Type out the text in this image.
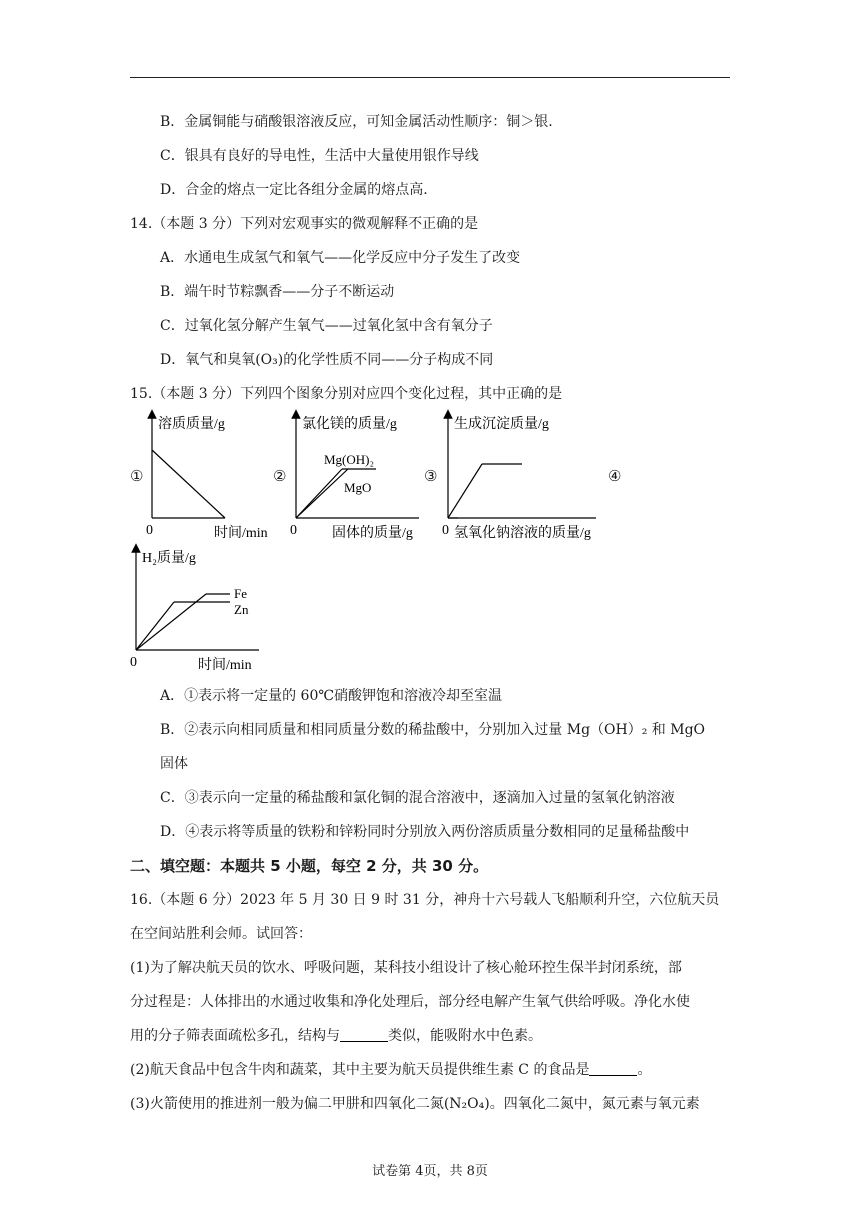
B．金属铜能与硝酸银溶液反应，可知金属活动性顺序：铜＞银.
C．银具有良好的导电性，生活中大量使用银作导线
D．合金的熔点一定比各组分金属的熔点高.
14.（本题 3 分）下列对宏观事实的微观解释不正确的是
A．水通电生成氢气和氧气——化学反应中分子发生了改变
B．端午时节粽飘香——分子不断运动
C．过氧化氢分解产生氧气——过氧化氢中含有氧分子
D．氧气和臭氧(O₃)的化学性质不同——分子构成不同
15.（本题 3 分）下列四个图象分别对应四个变化过程，其中正确的是
①	②	③	④
溶质质量/g
0	时间/min
氯化镁的质量/g
Mg(OH)₂
MgO
0	固体的质量/g
生成沉淀质量/g
0 氢氧化钠溶液的质量/g
H₂质量/g
Fe
Zn
0	时间/min
A．①表示将一定量的 60℃硝酸钾饱和溶液冷却至室温
B．②表示向相同质量和相同质量分数的稀盐酸中，分别加入过量 Mg（OH）₂ 和 MgO
固体
C．③表示向一定量的稀盐酸和氯化铜的混合溶液中，逐滴加入过量的氢氧化钠溶液
D．④表示将等质量的铁粉和锌粉同时分别放入两份溶质质量分数相同的足量稀盐酸中
二、填空题：本题共 5 小题，每空 2 分，共 30 分。
16.（本题 6 分）2023 年 5 月 30 日 9 时 31 分，神舟十六号载人飞船顺利升空，六位航天员
在空间站胜利会师。试回答：
(1)为了解决航天员的饮水、呼吸问题，某科技小组设计了核心舱环控生保半封闭系统，部
分过程是：人体排出的水通过收集和净化处理后，部分经电解产生氧气供给呼吸。净化水使
用的分子筛表面疏松多孔，结构与	类似，能吸附水中色素。
(2)航天食品中包含牛肉和蔬菜，其中主要为航天员提供维生素 C 的食品是	。
(3)火箭使用的推进剂一般为偏二甲肼和四氧化二氮(N₂O₄)。四氧化二氮中，氮元素与氧元素
试卷第 4页，共 8页
